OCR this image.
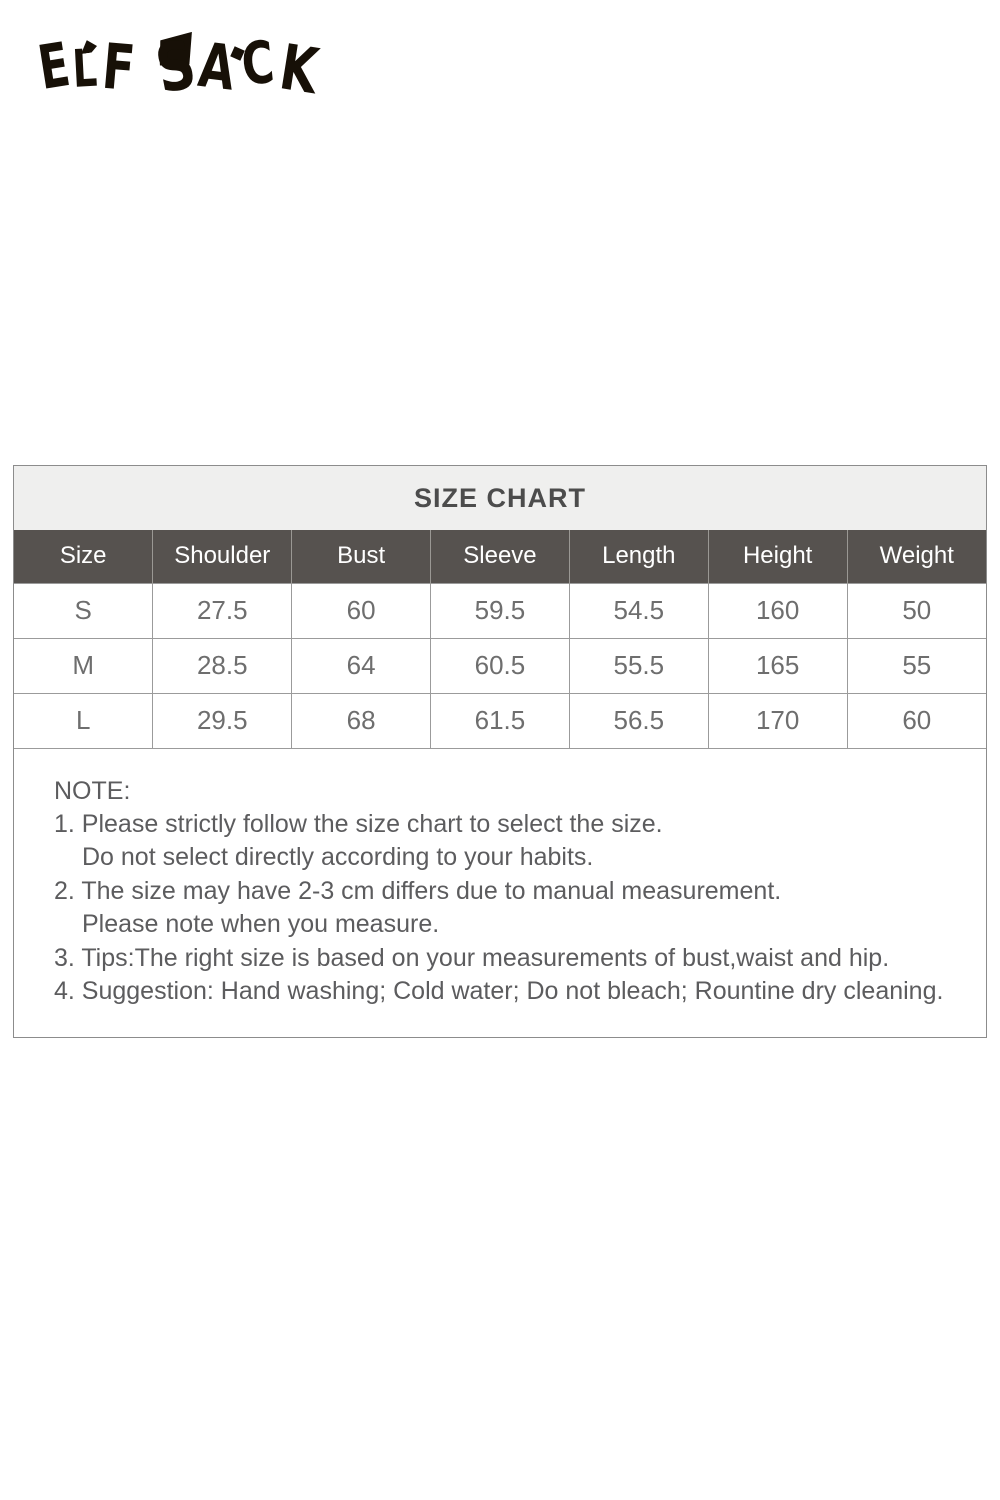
E
L F S
A C
K
SIZE CHART
Size	Shoulder	Bust	Sleeve	Length	Height	Weight
S	27.5	60	59.5	54.5	160	50
M	28.5	64	60.5	55.5	165	55
L	29.5	68	61.5	56.5	170	60

NOTE:

1. Please strictly follow the size chart to select the size.

Do not select directly according to your habits.

2. The size may have 2-3 cm differs due to manual measurement.

Please note when you measure.

3. Tips:The right size is based on your measurements of bust,waist and hip.

4. Suggestion: Hand washing; Cold water; Do not bleach; Rountine dry cleaning.
